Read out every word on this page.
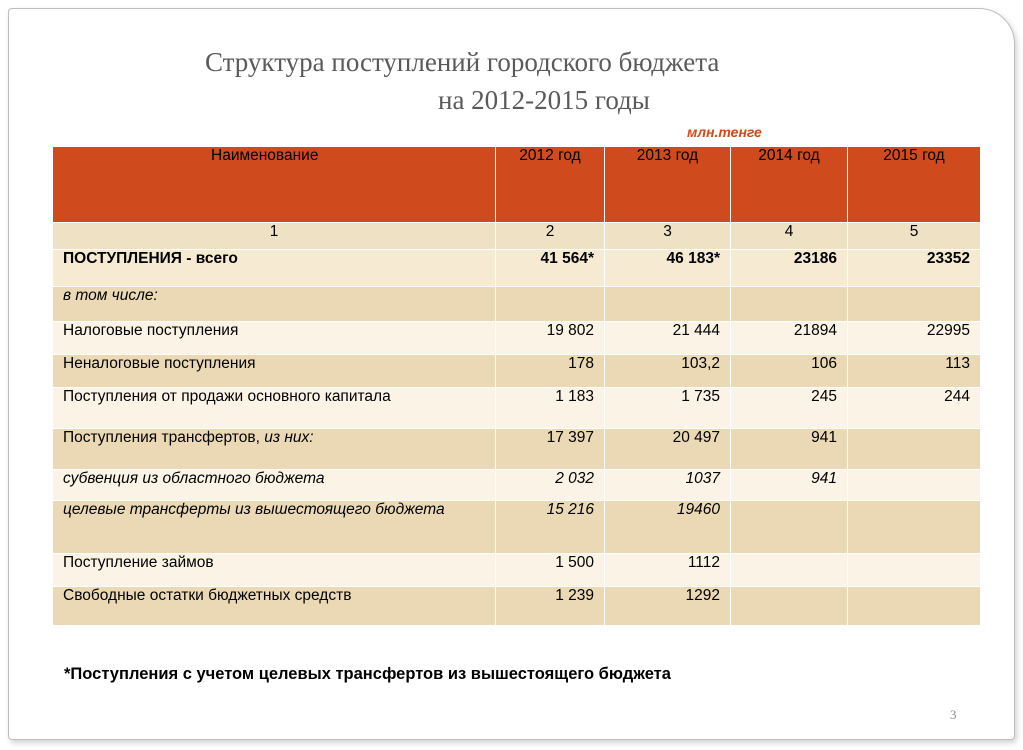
Структура поступлений городского бюджета
на 2012-2015 годы
млн.тенге
Наименование	2012 год	2013 год	2014 год	2015 год
1	2	3	4	5
ПОСТУПЛЕНИЯ - всего	41 564*	46 183*	23186	23352
в том числе:				
Налоговые поступления	19 802	21 444	21894	22995
Неналоговые поступления	178	103,2	106	113
Поступления от продажи основного капитала	1 183	1 735	245	244
Поступления трансфертов, из них:	17 397	20 497	941	
субвенция из областного бюджета	2 032	1037	941	
целевые трансферты из вышестоящего бюджета	15 216	19460		
Поступление займов	1 500	1112		
Свободные остатки бюджетных средств	1 239	1292		
*Поступления с учетом целевых трансфертов из вышестоящего бюджета
3
